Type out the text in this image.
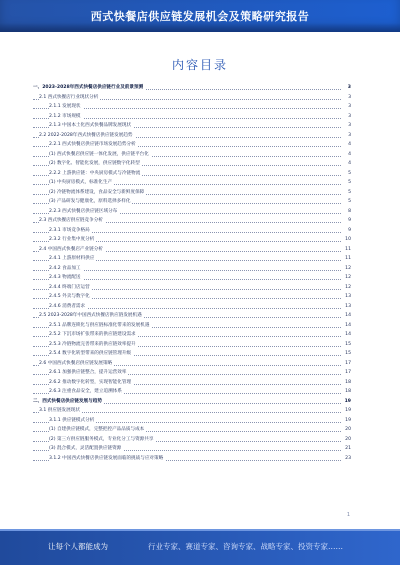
西式快餐店供应链发展机会及策略研究报告
内容目录
一、2023-2028年西式快餐店供应链行业及前景预测	3
2.1 西式快餐店行业现状分析	3
2.1.1 发展现状	3
2.1.2 市场规模	3
2.1.3 中国本土化西式快餐品牌发展现状	3
2.2 2022-2028年西式快餐店供应链发展趋势	3
2.2.1 西式快餐店供应链市场发展趋势分析	4
(1) 西式快餐店供应链一体化发展，供应链平台化	4
(2) 数字化、智能化发展，供应链数字化转型	4
2.2.2 上游供应链：中央厨房模式与冷链物流	5
(1) 中央厨房模式，标准化生产	5
(2) 冷链物流体系建设，食品安全与新鲜度保障	5
(3) 产品研发与健康化，原料选择多样化	5
2.2.3 西式快餐店供应链区域分布	8
2.3 西式快餐店供应链竞争分析	9
2.3.1 市场竞争格局	9
2.3.2 行业集中度分析	10
2.4 中国西式快餐店产业链分析	11
2.4.1 上游原材料供应	11
2.4.2 食品加工	12
2.4.3 物流配送	12
2.4.4 终端门店运营	12
2.4.5 外卖与数字化	13
2.4.6 消费者需求	13
2.5 2023-2028年中国西式快餐店供应链发展机遇	14
2.5.1 品牌连锁化与供应链标准化带来的发展机遇	14
2.5.2 下沉市场扩张带来的供应链建设需求	14
2.5.3 冷链物流完善带来的供应链效率提升	15
2.5.4 数字化转型带来的供应链管理升级	15
2.6 中国西式快餐店供应链发展策略	17
2.6.1 加强供应链整合，提升运营效率	17
2.6.2 推动数字化转型，实现智能化管理	18
2.6.3 注重食品安全，建立追溯体系	18
二、西式快餐店供应链发展与趋势	19
3.1 供应链发展现状	19
3.1.1 供应链模式分析	19
(1) 自建供应链模式，完整把控产品品质与成本	20
(2) 第三方供应链服务模式，专业化分工与资源共享	20
(3) 混合模式，灵活配置供应链资源	21
3.1.2 中国西式快餐店供应链发展面临的挑战与应对策略	23
1
让每个人都能成为	行业专家、赛道专家、咨询专家、战略专家、投资专家……
